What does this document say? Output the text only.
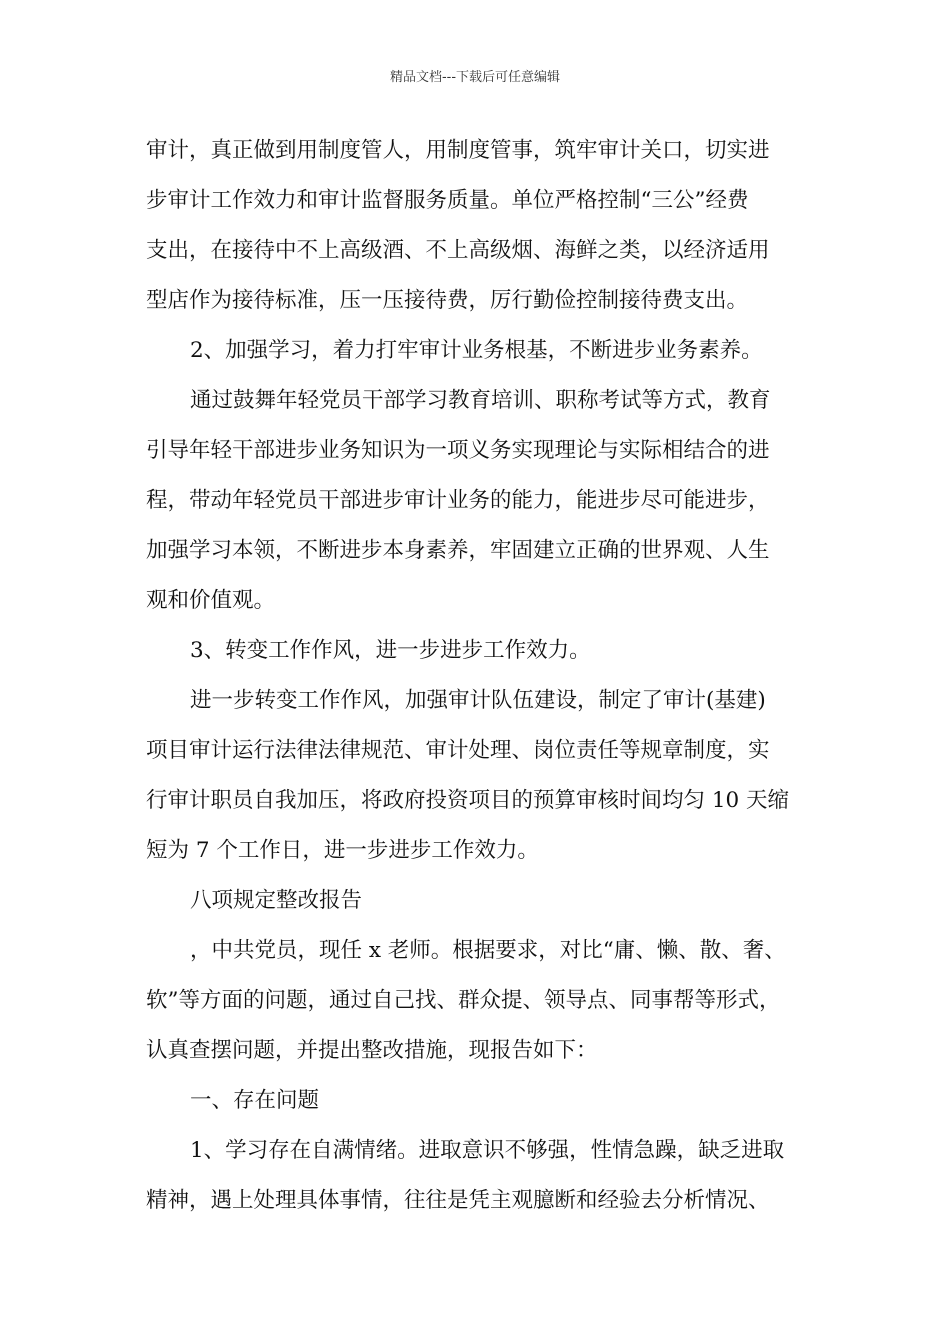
精品文档---下载后可任意编辑
审计，真正做到用制度管人，用制度管事，筑牢审计关口，切实进
步审计工作效力和审计监督服务质量。单位严格控制“三公”经费
支出，在接待中不上高级酒、不上高级烟、海鲜之类，以经济适用
型店作为接待标准，压一压接待费，厉行勤俭控制接待费支出。
2、加强学习，着力打牢审计业务根基，不断进步业务素养。
通过鼓舞年轻党员干部学习教育培训、职称考试等方式，教育
引导年轻干部进步业务知识为一项义务实现理论与实际相结合的进
程，带动年轻党员干部进步审计业务的能力，能进步尽可能进步，
加强学习本领，不断进步本身素养，牢固建立正确的世界观、人生
观和价值观。
3、转变工作作风，进一步进步工作效力。
进一步转变工作作风，加强审计队伍建设，制定了审计(基建)
项目审计运行法律法律规范、审计处理、岗位责任等规章制度，实
行审计职员自我加压，将政府投资项目的预算审核时间均匀 10 天缩
短为 7 个工作日，进一步进步工作效力。
八项规定整改报告
，中共党员，现任 x 老师。根据要求，对比“庸、懒、散、奢、
软”等方面的问题，通过自己找、群众提、领导点、同事帮等形式，
认真查摆问题，并提出整改措施，现报告如下：
一、存在问题
1、学习存在自满情绪。进取意识不够强，性情急躁，缺乏进取
精神，遇上处理具体事情，往往是凭主观臆断和经验去分析情况、
